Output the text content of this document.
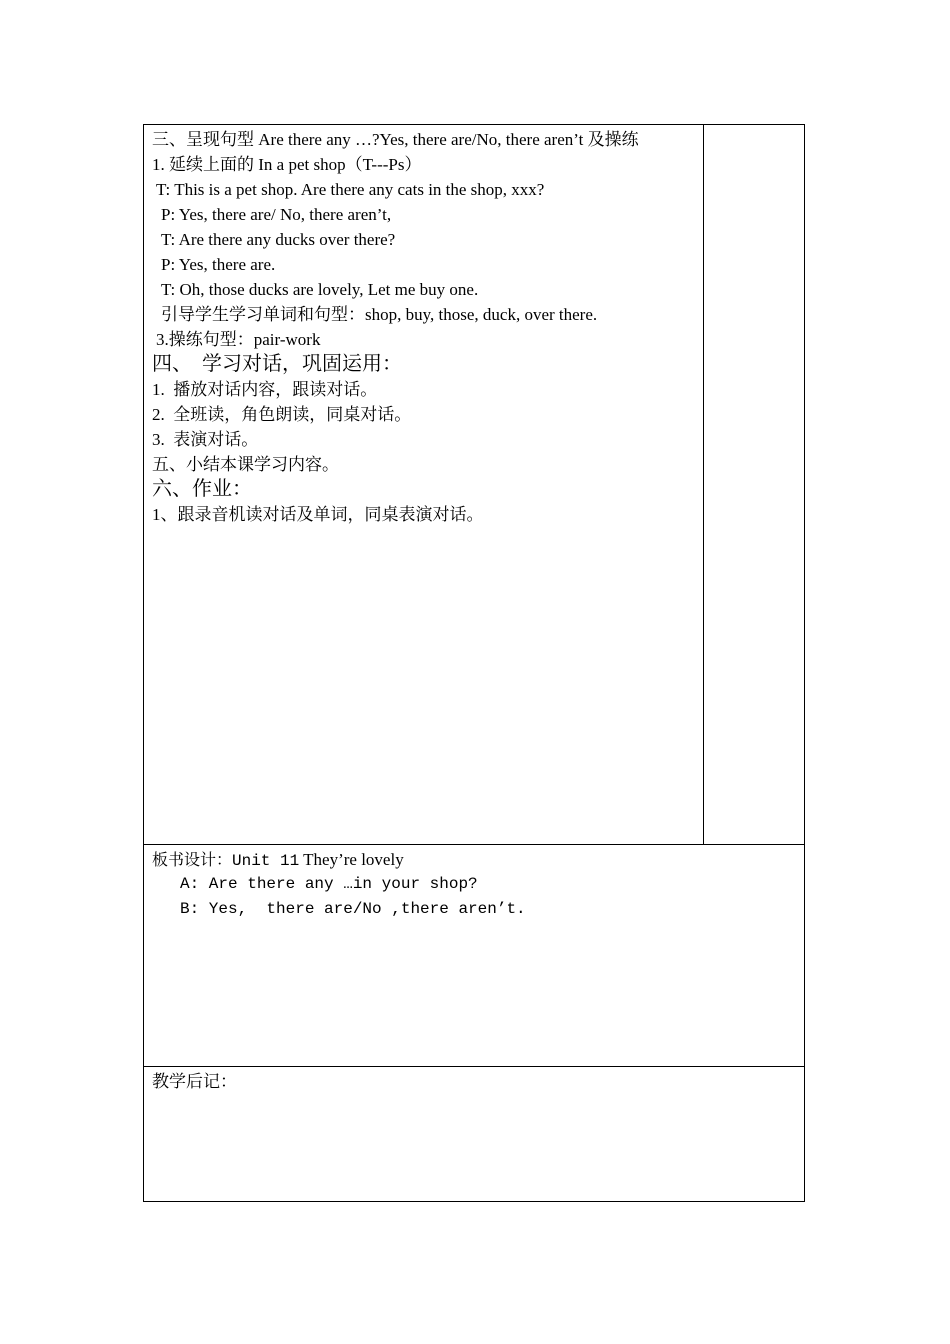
三、呈现句型 Are there any …?Yes, there are/No, there aren’t 及操练
1. 延续上面的 In a pet shop（T---Ps）
T: This is a pet shop. Are there any cats in the shop, xxx?
P: Yes, there are/ No, there aren’t,
T: Are there any ducks over there?
P: Yes, there are.
T: Oh, those ducks are lovely, Let me buy one.
引导学生学习单词和句型：shop, buy, those, duck, over there.
3.操练句型：pair-work
四、  学习对话，巩固运用：
1.  播放对话内容，跟读对话。
2.  全班读，角色朗读，同桌对话。
3.  表演对话。
五、小结本课学习内容。
六、作业：
1、跟录音机读对话及单词，同桌表演对话。
板书设计：Unit 11 They’re lovely
A: Are there any …in your shop?
B: Yes,  there are/No ,there aren’t.
教学后记：
